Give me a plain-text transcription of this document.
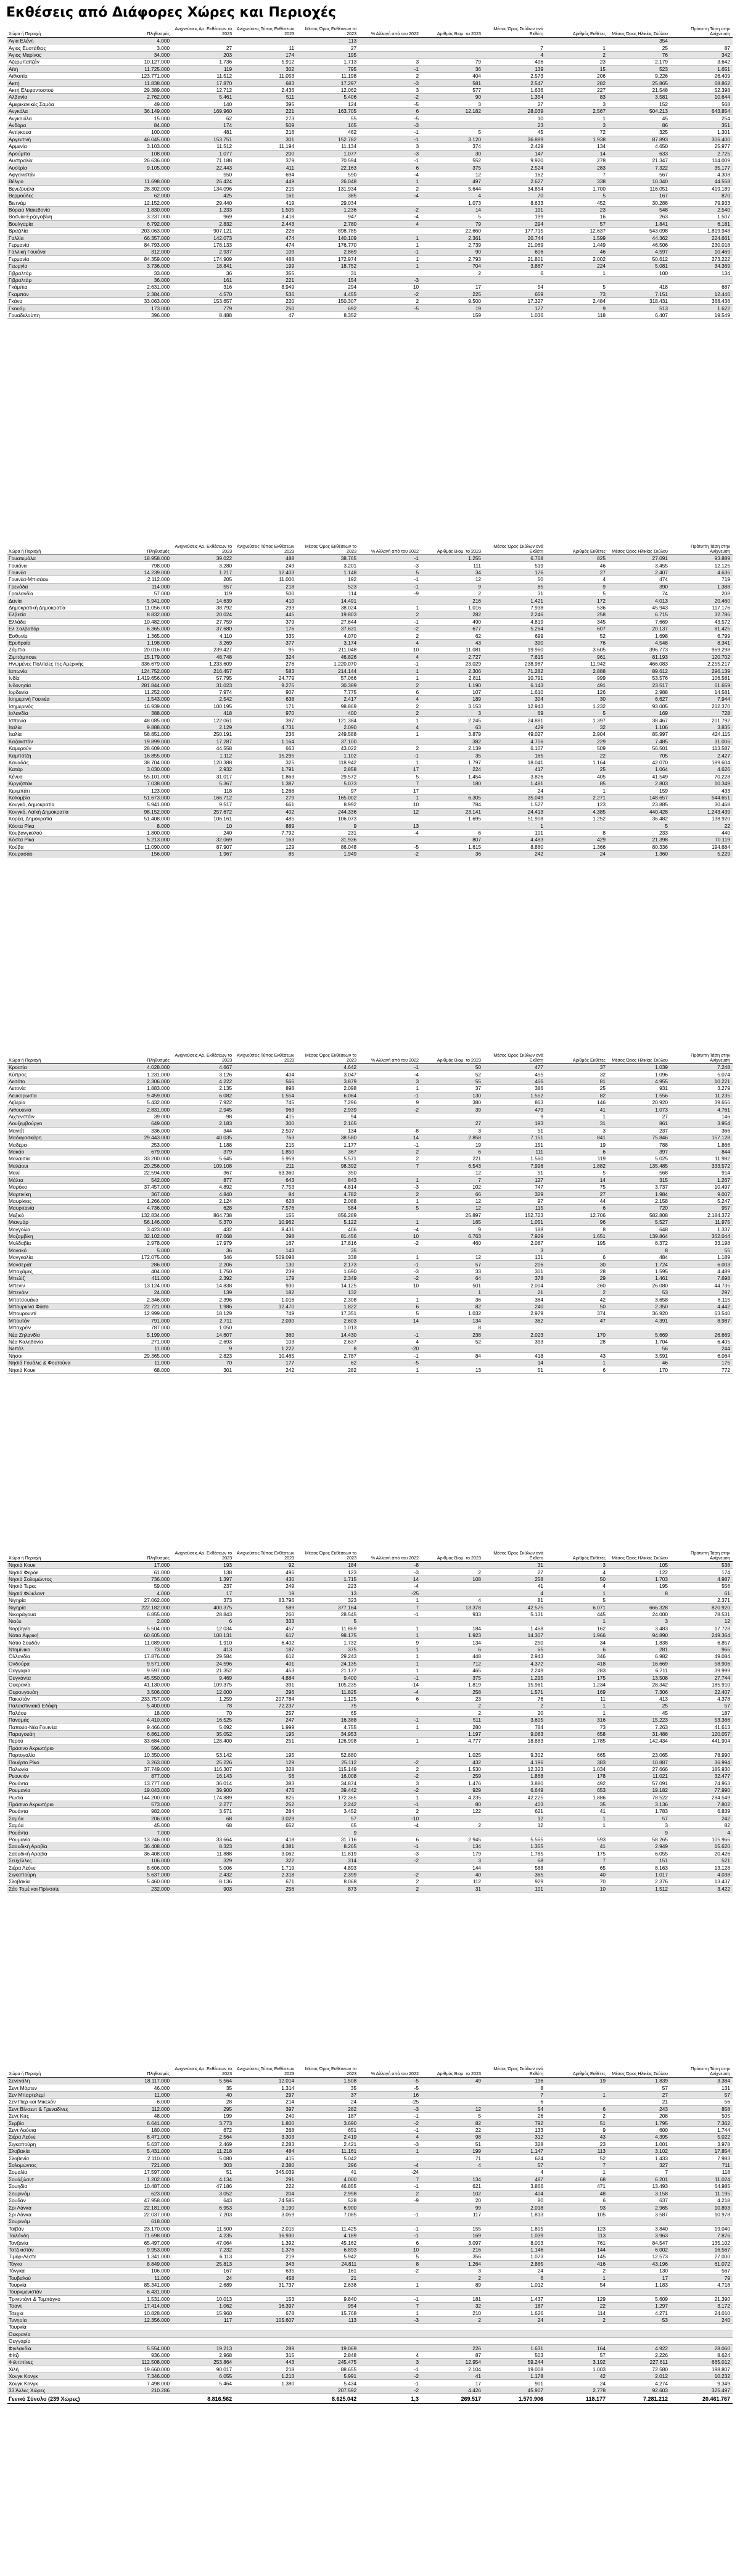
Εκθέσεις από Διάφορες Χώρες και Περιοχές
Χώρα ή Περιοχή	Πληθυσμός	Ανιχνεύσεις Αρ. Εκθέσεων το 2023	Ανιχνεύσεις Τύπος Εκθέσεων 2023	Μέσος Όρος Εκθέσεων το 2023	% Αλλαγή από του 2022	Αριθμός Βιομ. το 2023	Μέσος Όρος Σκύλων ανά Εκθέτη	Αριθμός Εκθέτες	Μέσος Όρος Ηλικίας Σκύλου	Πρότυπη Τάση στην Ανίχνευση
Άγια Ελένη	4.000			113					354	
Άγιος Ευστάθιος	3.000	27	11	27			7	1	25	87
Άγιος Μαρίνος	34.000	203	174	195			4	2	76	342
Αζερμπαϊτζάν	10.127.000	1.736	5.912	1.713	3	79	496	23	2.179	3.642
Αϊτή	11.725.000	119	302	795	-1	36	139	15	523	1.651
Αιθιοπία	123.771.000	11.512	11.053	11.198	2	404	2.573	206	9.226	26.409
Ακτή	11.838.000	17.870	683	17.297	-3	581	2.547	282	25.865	68.862
Ακτή Ελεφαντοστού	29.389.000	12.712	2.436	12.062	3	577	1.636	227	21.548	52.398
Αλβανία	2.762.000	5.461	511	5.406	-2	90	1.354	83	3.581	10.644
Αμερικανικές Σαμόα	49.000	140	395	124	-5	3	27	3	152	568
Ανγκόλα	36.149.000	169.960	221	163.705	6	12.182	28.039	2.567	504.213	643.854
Ανγκουίλα	15.000	62	273	55	-5		10	1	45	254
Ανδόρα	84.000	174	509	165	-3		23	3	86	351
Αντίγκουα	100.000	481	216	462	-1	5	45	72	325	1.301
Αργεντινή	46.045.000	153.751	301	152.782	-1	3.120	36.889	1.938	87.893	306.400
Αρμενία	3.103.000	11.512	11.194	11.134	3	374	2.429	134	4.650	25.977
Αρούμπα	108.000	1.077	200	1.077	-3	30	147	14	633	2.725
Αυστραλία	26.636.000	71.188	379	70.594	-1	552	9.920	278	21.347	114.009
Αυστρία	9.105.000	22.443	411	22.163	6	375	2.524	283	7.322	35.177
Αφγανιστάν		550	694	590	-4	12	162	7	567	4.308
Βέλγιο	11.698.000	26.424	449	26.048	1	497	2.627	338	10.340	44.558
Βενεζουέλα	28.302.000	134.096	215	131.934	2	5.644	34.854	1.700	116.051	419.189
Βερμούδες	62.000	425	161	385	-4	4	70	5	167	870
Βιετνάμ	12.152.000	29.440	419	29.034		1.073	8.633	452	30.288	79.933
Βόρεια Μακεδονία	1.830.000	1.233	1.505	1.236	-2	14	191	23	548	2.540
Βοσνία-Ερζεγοβίνη	3.237.000	969	3.418	947	-4	5	199	16	263	1.507
Βουλγαρία	6.792.000	2.832	2.443	2.780	4	79	294	57	1.841	6.181
Βραζιλία	203.063.000	907.121	226	898.785		22.660	177.715	12.637	543.098	1.819.948
Γαλλία	66.357.000	142.073	474	140.109	1	2.361	20.744	1.599	44.362	224.661
Γερμανία	84.793.000	178.133	474	176.770	1	2.739	21.069	1.449	46.506	230.018
Γαλλική Γουιάνα	312.000	2.937	109	2.869	-1	90	606	46	4.597	10.469
Γερμανία	84.359.000	174.909	488	172.974	1	2.793	21.801	2.002	50.612	273.222
Γεωργία	3.736.000	18.841	199	18.752	1	704	3.867	224	5.081	34.369
Γιβραλτάρ	33.000	36	355	31		2	6	1	100	134
Γιβραλτάρ	36.000	161	221	154	-3					
Γκάμπια	2.631.000	316	8.949	294	10	17	54	5	418	687
Γκαμπόν	2.384.000	4.570	536	4.455	-2	225	659	73	7.151	12.446
Γκάνα	33.063.000	153.657	220	150.307	2	9.500	17.327	2.484	318.431	368.436
Γκουάμ	173.000	779	250	692	-5	19	177	9	513	1.622
Γουαδελούπη	396.000	8.488	47	8.352		159	1.036	118	6.407	19.549
Χώρα ή Περιοχή	Πληθυσμός	Ανιχνεύσεις Αρ. Εκθέσεων το 2023	Ανιχνεύσεις Τύπος Εκθέσεων 2023	Μέσος Όρος Εκθέσεων το 2023	% Αλλαγή από του 2022	Αριθμός Βιομ. το 2023	Μέσος Όρος Σκύλων ανά Εκθέτη	Αριθμός Εκθέτες	Μέσος Όρος Ηλικίας Σκύλου	Πρότυπη Τάση στην Ανίχνευση
Γουατεμάλα	18.958.000	39.022	488	38.765	-1	1.255	6.768	825	27.091	93.889
Γουιάνα	798.000	3.280	249	3.201	-3	111	519	46	3.455	12.125
Γουινέα	14.239.000	1.217	12.403	1.148	5	34	176	27	2.407	4.636
Γουινέα-Μπισάου	2.112.000	205	11.000	192	-1	12	50	4	474	719
Γρενάδα	114.000	557	218	523	-1	9	85	9	390	1.388
Γροιλανδία	57.000	119	500	114	-9	2	31	5	74	208
Δανία	5.941.000	14.639	410	14.491		216	1.421	172	4.013	20.460
Δημοκρατική Δημοκρατία	11.056.000	38.792	293	38.024	1	1.016	7.938	536	45.943	117.176
Ελβετία	8.832.000	20.024	445	19.803	2	282	2.246	258	6.715	32.786
Ελλάδα	10.482.000	27.759	379	27.644	-1	490	4.819	345	7.669	43.572
Ελ Σαλβαδόρ	6.365.000	37.680	176	37.631	-2	677	5.264	607	20.137	81.425
Εσθονία	1.365.000	4.110	335	4.070	2	62	699	52	1.698	6.799
Ερυθραία	1.198.000	3.269	377	3.174	4	43	390	76	4.548	8.341
Ζάμπια	20.016.000	239.427	95	211.048	10	11.081	19.960	3.605	396.773	969.298
Ζιμπάμπουε	15.179.000	48.748	324	46.826	4	2.727	7.615	961	81.193	120.702
Ηνωμένες Πολιτείες της Αμερικής	336.679.000	1.233.609	276	1.220.070	-1	23.029	238.987	11.942	466.083	2.255.217
Ιαπωνία	124.752.000	216.457	583	214.144	1	2.306	71.282	2.888	89.612	296.139
Ινδία	1.419.656.000	57.795	24.779	57.066	1	2.811	10.791	999	53.576	106.581
Ινδονησία	281.844.000	31.023	9.275	30.389	2	1.190	6.143	491	23.517	61.659
Ιορδανία	11.252.000	7.974	907	7.775	6	107	1.610	126	2.988	14.581
Ισημερινή Γουινέα	1.543.000	2.542	638	2.417	4	189	304	30	6.627	7.944
Ισημερινός	16.939.000	100.195	171	98.869	2	3.153	12.943	1.232	93.005	202.370
Ισλανδία	388.000	418	970	400	2	3	69	5	169	728
Ισπανία	48.085.000	122.061	397	121.384	1	2.245	24.881	1.397	38.467	201.792
Ιταλία	9.888.000	2.129	4.731	2.090	4	63	429	32	1.106	3.835
Ιταλία	58.851.000	250.191	236	249.588	1	3.879	49.027	2.904	85.997	424.115
Καζακστάν	19.899.000	17.287	1.164	37.100		382	4.706	229	7.485	31.006
Καμερούν	28.609.000	44.558	663	43.022	2	2.139	6.107	509	56.501	113.587
Καμπότζη	16.855.000	1.112	15.295	1.102	-1	35	165	22	705	2.427
Καναδάς	38.704.000	120.388	325	118.942	1	1.797	18.041	1.164	42.070	189.604
Κατάρ	3.030.000	2.932	1.791	2.858	17	224	417	25	1.064	4.626
Κένυα	55.101.000	31.017	1.863	29.572	5	1.454	3.826	405	41.549	70.228
Κιργιζστάν	7.038.000	5.367	1.387	5.073	7	180	1.481	85	2.803	10.349
Κιριμπάτι	123.000	118	1.268	97	17		24	1	159	433
Κολομβία	51.673.000	166.712	279	165.002	1	6.305	35.049	2.271	148.657	544.651
Κονγκό, Δημοκρατία	5.941.000	9.517	661	8.992	10	784	1.527	123	23.885	30.468
Κονγκό, Λαϊκή Δημοκρατία	98.152.000	257.672	402	244.336	12	23.141	24.413	4.385	440.428	1.243.439
Κορέα, Δημοκρατία	51.408.000	106.161	485	106.073		1.695	51.908	1.252	36.482	138.920
Κόστα Ρίκα	8.000	10	889	9	13		1		5	22
Κουβανγκολού	1.800.000	240	7.792	231	-4	6	101	8	233	440
Κόστα Ρίκα	5.213.000	32.069	163	31.936		807	4.483	429	21.398	70.119
Κούβα	11.090.000	87.907	129	86.048	-5	1.615	8.880	1.366	80.336	194.684
Κουρασάο	156.000	1.967	85	1.949	-2	36	242	24	1.360	5.229
Χώρα ή Περιοχή	Πληθυσμός	Ανιχνεύσεις Αρ. Εκθέσεων το 2023	Ανιχνεύσεις Τύπος Εκθέσεων 2023	Μέσος Όρος Εκθέσεων το 2023	% Αλλαγή από του 2022	Αριθμός Βιομ. το 2023	Μέσος Όρος Σκύλων ανά Εκθέτη	Αριθμός Εκθέτες	Μέσος Όρος Ηλικίας Σκύλου	Πρότυπη Τάση στην Ανίχνευση
Κροατία	4.028.000	4.667		4.642	-1	50	477	37	1.039	7.248
Κύπρος	1.231.000	3.126	404	3.047	-4	52	455	32	1.096	5.074
Λεσότο	2.306.000	4.222	566	3.879	3	55	466	81	4.955	10.221
Λετονία	1.883.000	2.135	898	2.098	1	37	386	25	931	3.279
Λευκορωσία	9.459.000	6.082	1.554	6.064	-1	130	1.552	82	1.556	11.235
Λιβερία	5.432.000	7.922	745	7.296	9	380	863	146	20.920	39.656
Λιθουανία	2.831.000	2.945	963	2.939	-2	39	479	41	1.073	4.761
Λιχτενστάιν	39.000	98	415	94			9	1	27	146
Λουξεμβούργο	649.000	2.183	300	2.165		27	193	31	861	3.954
Μαγιότ	336.000	344	2.507	134	-8	3	51	3	237	366
Μαδαγασκάρη	29.443.000	40.035	763	38.580	14	2.858	7.151	841	75.846	157.128
Μαδέρα	253.000	1.188	215	1.177	-1	19	151	19	788	1.866
Μακάο	679.000	379	1.850	367	2	6	111	6	397	844
Μαλαισία	33.200.000	5.645	5.959	5.571	2	221	1.560	119	5.025	11.982
Μαλάουι	20.256.000	109.108	211	98.392	7	6.543	7.996	1.882	135.485	333.572
Μαλί	22.594.000	367	63.360	350		12	51	5	568	914
Μάλτα	542.000	877	643	843	1	7	127	14	315	1.267
Μαρόκο	37.457.000	4.892	7.753	4.814	-3	102	747	75	3.737	10.497
Μαρτινίκη	367.000	4.840	84	4.782	2	66	329	27	1.984	9.007
Μαυρίκιος	1.266.000	2.124	628	2.088	1	12	97	44	2.158	5.247
Μαυριτανία	4.736.000	628	7.576	584	5	12	115	6	720	957
Μεξικό	132.834.000	864.738	155	856.289		25.897	152.723	12.706	582.808	2.184.372
Μιανμάρ	56.146.000	5.370	10.962	5.122	1	165	1.051	96	5.527	11.975
Μογγολία	3.423.000	432	8.431	406	-4	9	188	8	648	1.337
Μοζαμβίκη	32.102.000	87.668	398	81.456	10	6.763	7.929	1.651	139.864	362.044
Μολδαβία	2.978.000	17.979	167	17.816	-2	460	2.087	195	8.372	33.198
Μονακό	5.000	36	143	35			3		8	55
Μονγκολία	172.075.000	346	509.098	338	1	12	131	6	484	1.189
Μονσεράτ	286.000	2.206	130	2.173	-1	57	206	30	1.724	6.003
Μπαχάμες	404.000	1.750	239	1.690	-3	33	301	28	1.595	4.489
Μπελίζ	411.000	2.392	179	2.349	-2	64	378	29	1.461	7.698
Μπενίν	13.124.000	14.838	930	14.125	10	501	2.004	260	26.080	44.735
Μπενάιν	24.000	139	182	132		1	21	2	53	297
Μποτσουάνα	2.346.000	2.396	1.016	2.308	1	36	364	42	3.658	6.115
Μπουρκίνα Φάσο	22.721.000	1.986	12.470	1.822	6	82	240	50	2.350	4.442
Μπουρουντί	12.999.000	18.129	749	17.351	5	1.032	2.979	374	36.920	63.540
Μπουτάν	791.000	2.711	2.030	2.603	14	134	362	47	4.391	8.987
Μπαχρέιν	787.000	1.050		1.013		8				
Νέα Ζηλανδία	5.199.000	14.607	360	14.430	-1	238	2.023	170	5.669	26.669
Νέα Καληδονία	271.000	2.693	103	2.637	4	52	393	28	1.704	6.405
Νεπάλ	11.000	9	1.222	8	-20				56	244
Νήσοι	29.365.000	2.823	10.465	2.787	-1	84	418	43	3.591	6.064
Νησιά Γουάλις & Φουτούνα	11.000	70	177	62	-5		14	1	46	175
Νησιά Κουκ	68.000	301	242	282	1	13	51	6	170	772
Χώρα ή Περιοχή	Πληθυσμός	Ανιχνεύσεις Αρ. Εκθέσεων το 2023	Ανιχνεύσεις Τύπος Εκθέσεων 2023	Μέσος Όρος Εκθέσεων το 2023	% Αλλαγή από του 2022	Αριθμός Βιομ. το 2023	Μέσος Όρος Σκύλων ανά Εκθέτη	Αριθμός Εκθέτες	Μέσος Όρος Ηλικίας Σκύλου	Πρότυπη Τάση στην Ανίχνευση
Νησιά Κουκ	17.000	193	92	184	-8		31	3	105	538
Νησιά Φερόε	61.000	138	496	123	-3	2	27	4	122	174
Νησιά Σολομώντος	736.000	1.397	430	1.715	14	108	258	50	1.703	4.987
Νησιά Τερκς	59.000	237	249	223	-4		41	4	195	556
Νησιά Φώκλαντ	4.000	17	19	13	-25		4	1	8	61
Νιγηρία	27.062.000	373	83.796	323	1	4	81	5		2.371
Νιγηρία	222.182.000	400.375	589	377.164	7	13.378	42.575	6.071	666.328	820.920
Νικαράγουα	6.855.000	28.843	260	28.545	-1	933	5.131	445	24.000	78.531
Νιούε	2.000	6	333	5				1	3	12
Νορβηγία	5.504.000	12.034	457	11.869	1	184	1.468	162	3.483	17.728
Νότια Αφρική	60.605.000	100.131	617	98.175	1	1.923	14.307	1.966	94.890	249.364
Νότιο Σουδάν	11.089.000	1.910	6.402	1.732	9	134	250	34	1.838	6.857
Ντομίνικα	73.000	413	187	375	1	6	65	6	281	966
Ολλανδία	17.876.000	29.584	612	29.243	1	448	2.943	346	6.982	49.084
Ονδούρα	9.571.000	24.596	401	24.135	1	712	4.372	418	16.669	58.906
Ουγγαρία	9.597.000	21.352	453	21.177	1	465	2.249	283	6.711	39.999
Ουγκάντα	45.550.000	9.469	4.884	9.400	-1	375	1.295	175	13.508	27.744
Ουκρανία	41.130.000	109.375	391	105.235	-14	1.819	15.961	1.234	28.342	185.910
Ουρουγουάη	3.506.000	12.000	296	11.825	-4	258	1.571	169	7.306	22.407
Πακιστάν	233.757.000	1.259	207.784	1.125	6	23	76	11	413	4.378
Παλαιστινιακά Εδάφη	5.400.000	78	72.237	75		2	2	1	25	57
Παλάου	18.000	70	257	65		2	20	1	45	187
Παναμάς	4.410.000	16.525	247	16.388	-1	511	3.605	316	15.223	53.366
Παπούα-Νέα Γουινέα	9.466.000	5.692	1.999	4.755	1	280	784	73	7.263	41.613
Παραγουάη	6.861.000	35.052	195	34.953		1.197	9.083	658	31.488	120.057
Περού	33.684.000	128.400	251	126.998	1	4.777	18.883	1.785	142.434	441.904
Πράσινο Ακρωτήριο	596.000									
Πορτογαλία	10.350.000	53.142	195	52.880		1.025	9.302	665	23.065	78.990
Πουέρτο Ρίκο	3.263.000	25.226	129	25.112	-2	432	4.196	383	10.887	36.994
Πολωνία	37.749.000	116.307	328	115.149	2	1.530	12.323	1.034	27.666	185.930
Ρεουνιόν	877.000	16.143	56	16.008	-2	259	1.868	178	11.021	32.477
Ρουάντα	13.777.000	36.014	383	34.874	3	1.476	3.880	492	57.091	74.963
Ρουμανία	19.043.000	39.900	476	39.442	-2	929	6.649	653	19.182	77.990
Ρωσία	144.200.000	174.889	825	172.365	1	4.235	42.225	1.886	78.522	284.549
Πράσινο Ακρωτήριο	573.000	2.277	252	2.242	-1	80	403	35	3.136	7.802
Ρουάντα	982.000	3.571	284	3.452	2	122	621	41	1.783	6.839
Σαμόα	206.000	68	3.029	57	-10		12	1	57	242
Σαμόα	45.000	68	652	65	-4	2	12	1	3	82
Ρουάντα	7.000			9					9	4
Ρουμανία	13.246.000	33.664	418	31.716	6	2.945	5.565	593	58.265	105.966
Σαουδική Αραβία	36.408.000	8.323	4.381	8.265	-1	134	1.355	41	2.949	15.620
Σαουδική Αραβία	36.408.000	11.888	3.062	11.819	-3	179	1.785	175	6.055	20.426
Σεϋχέλλες	106.000	329	322	314	-2	3	68	7	151	521
Σιέρα Λεόνε	8.606.000	5.006	1.719	4.893		144	588	65	8.163	13.128
Σιγκαπούρη	5.637.000	2.432	2.318	2.399	-2	40	365	40	1.017	4.038
Σλοβακία	5.460.000	8.136	671	8.068	2	112	929	70	2.376	13.437
Σάο Τομέ και Πρίνσιπε	232.000	903	256	873	2	31	101	10	1.512	3.422
Χώρα ή Περιοχή	Πληθυσμός	Ανιχνεύσεις Αρ. Εκθέσεων το 2023	Ανιχνεύσεις Τύπος Εκθέσεων 2023	Μέσος Όρος Εκθέσεων το 2023	% Αλλαγή από του 2022	Αριθμός Βιομ. το 2023	Μέσος Όρος Σκύλων ανά Εκθέτη	Αριθμός Εκθέτες	Μέσος Όρος Ηλικίας Σκύλου	Πρότυπη Τάση στην Ανίχνευση
Σενεγάλη	18.117.000	5.564	12.014	1.508	-5	49	196	19	1.839	3.384
Σεντ Μάρτεν	46.000	35	1.314	35	-5		8		57	131
Σεν Μπαρτελεμί	11.000	40	297	37	16		7	1	27	57
Σεν Πιερ και Μικελόν	6.000	28	214	24	-25		6		21	56
Σεντ Βίνσεντ & Γρεναδίνες	112.000	295	397	282	-3	12	54	6	243	858
Σεντ Κιτς	48.000	199	240	187	-1	5	26	2	208	505
Σερβία	6.641.000	3.773	1.800	3.690	-2	82	792	51	1.795	7.362
Σεντ Λούσια	180.000	672	268	651	-1	22	133	9	600	1.744
Σιέρα Λεόνε	8.471.000	2.564	3.303	2.419	4	98	312	43	4.395	5.022
Σιγκαπούρη	5.637.000	2.469	2.283	2.421	-3	51	328	23	1.001	3.978
Σλοβακία	5.431.000	11.218	484	11.161	1	199	1.147	113	3.102	17.854
Σλοβενία	2.110.000	5.080	415	5.042		71	624	52	1.433	7.983
Σολομώντος	721.000	303	2.380	296	-4	4	57	7	327	711
Σομαλία	17.597.000	51	345.039	41	-24		4	1	7	118
Σουάζιλαντ	1.202.000	4.134	291	4.000	7	134	487	68	6.201	11.024
Σουηδία	10.487.000	47.186	222	46.855	-1	621	3.866	471	13.493	64.985
Σουρινάμ	623.000	3.052	204	2.998	2	102	404	48	3.158	11.195
Σουδάν	47.958.000	643	74.585	528	-9	20	80	6	637	4.218
Σρι Λάνκα	22.181.000	6.953	3.190	6.900		99	2.018	93	2.965	10.893
Σρι Λάνκα	22.037.000	7.203	3.059	7.085	-1	117	1.813	105	3.587	10.978
Σουρινάμ	618.000									
Ταϊβάν	23.170.000	11.500	2.015	11.425	-1	155	1.805	123	3.840	19.040
Ταϊλάνδη	71.698.000	4.235	16.930	4.189	-1	169	1.039	113	3.963	7.876
Τανζανία	65.497.000	47.064	1.392	45.162	6	3.097	8.003	761	84.547	135.102
Τατζικιστάν	9.953.000	7.232	1.376	6.893	10	216	1.146	144	6.002	16.567
Τιμόρ-Λέστε	1.341.000	6.113	219	5.942	5	356	1.073	145	12.573	27.000
Τόγκο	8.849.000	25.813	343	24.811	8	1.264	2.885	416	43.196	61.072
Τόνγκα	106.000	167	635	161	-2	3	24	2	130	567
Τουβαλού	11.000	24	458	21		2	6	1	17	79
Τουρκία	85.341.000	2.689	31.737	2.638	1	89	1.012	54	1.183	4.718
Τουρκμενιστάν	6.431.000									
Τρινιντάντ & Τομπάγκο	1.531.000	10.013	153	9.840	-1	181	1.437	129	5.609	21.390
Τσαντ	17.414.000	1.062	16.397	954	7	32	187	22	1.297	3.172
Τσεχία	10.828.000	15.960	678	15.768	1	210	1.626	114	4.271	24.010
Τυνησία	12.356.000	117	105.607	113	-3	2	24	2	53	240
Τουρκία										
Ουκρανία										
Ουγγαρία										
Φινλανδία	5.554.000	19.213	289	19.069		226	1.631	164	4.922	28.060
Φίτζι	936.000	2.968	315	2.848	4	87	503	57	2.226	8.624
Φιλιππίνες	112.508.000	253.864	443	245.475	3	12.954	59.244	3.192	227.611	665.012
Χιλή	19.660.000	90.017	218	88.655	-1	2.104	19.008	1.003	72.580	198.807
Χονγκ Κονγκ	7.346.000	6.055	1.213	5.991	-2	41	1.178	42	2.012	10.232
Χονγκ Κονγκ	7.498.000	5.464	1.380	5.434	-1	17	901	24	4.274	9.349
33 Άλλες Χώρες	210.286			207.592	-2	4.426	45.907	2.778	92.603	325.497
Γενικό Σύνολο (239 Χώρες)		8.816.562		8.625.042	1,3	269.517	1.570.906	118.177	7.281.212	20.461.767
